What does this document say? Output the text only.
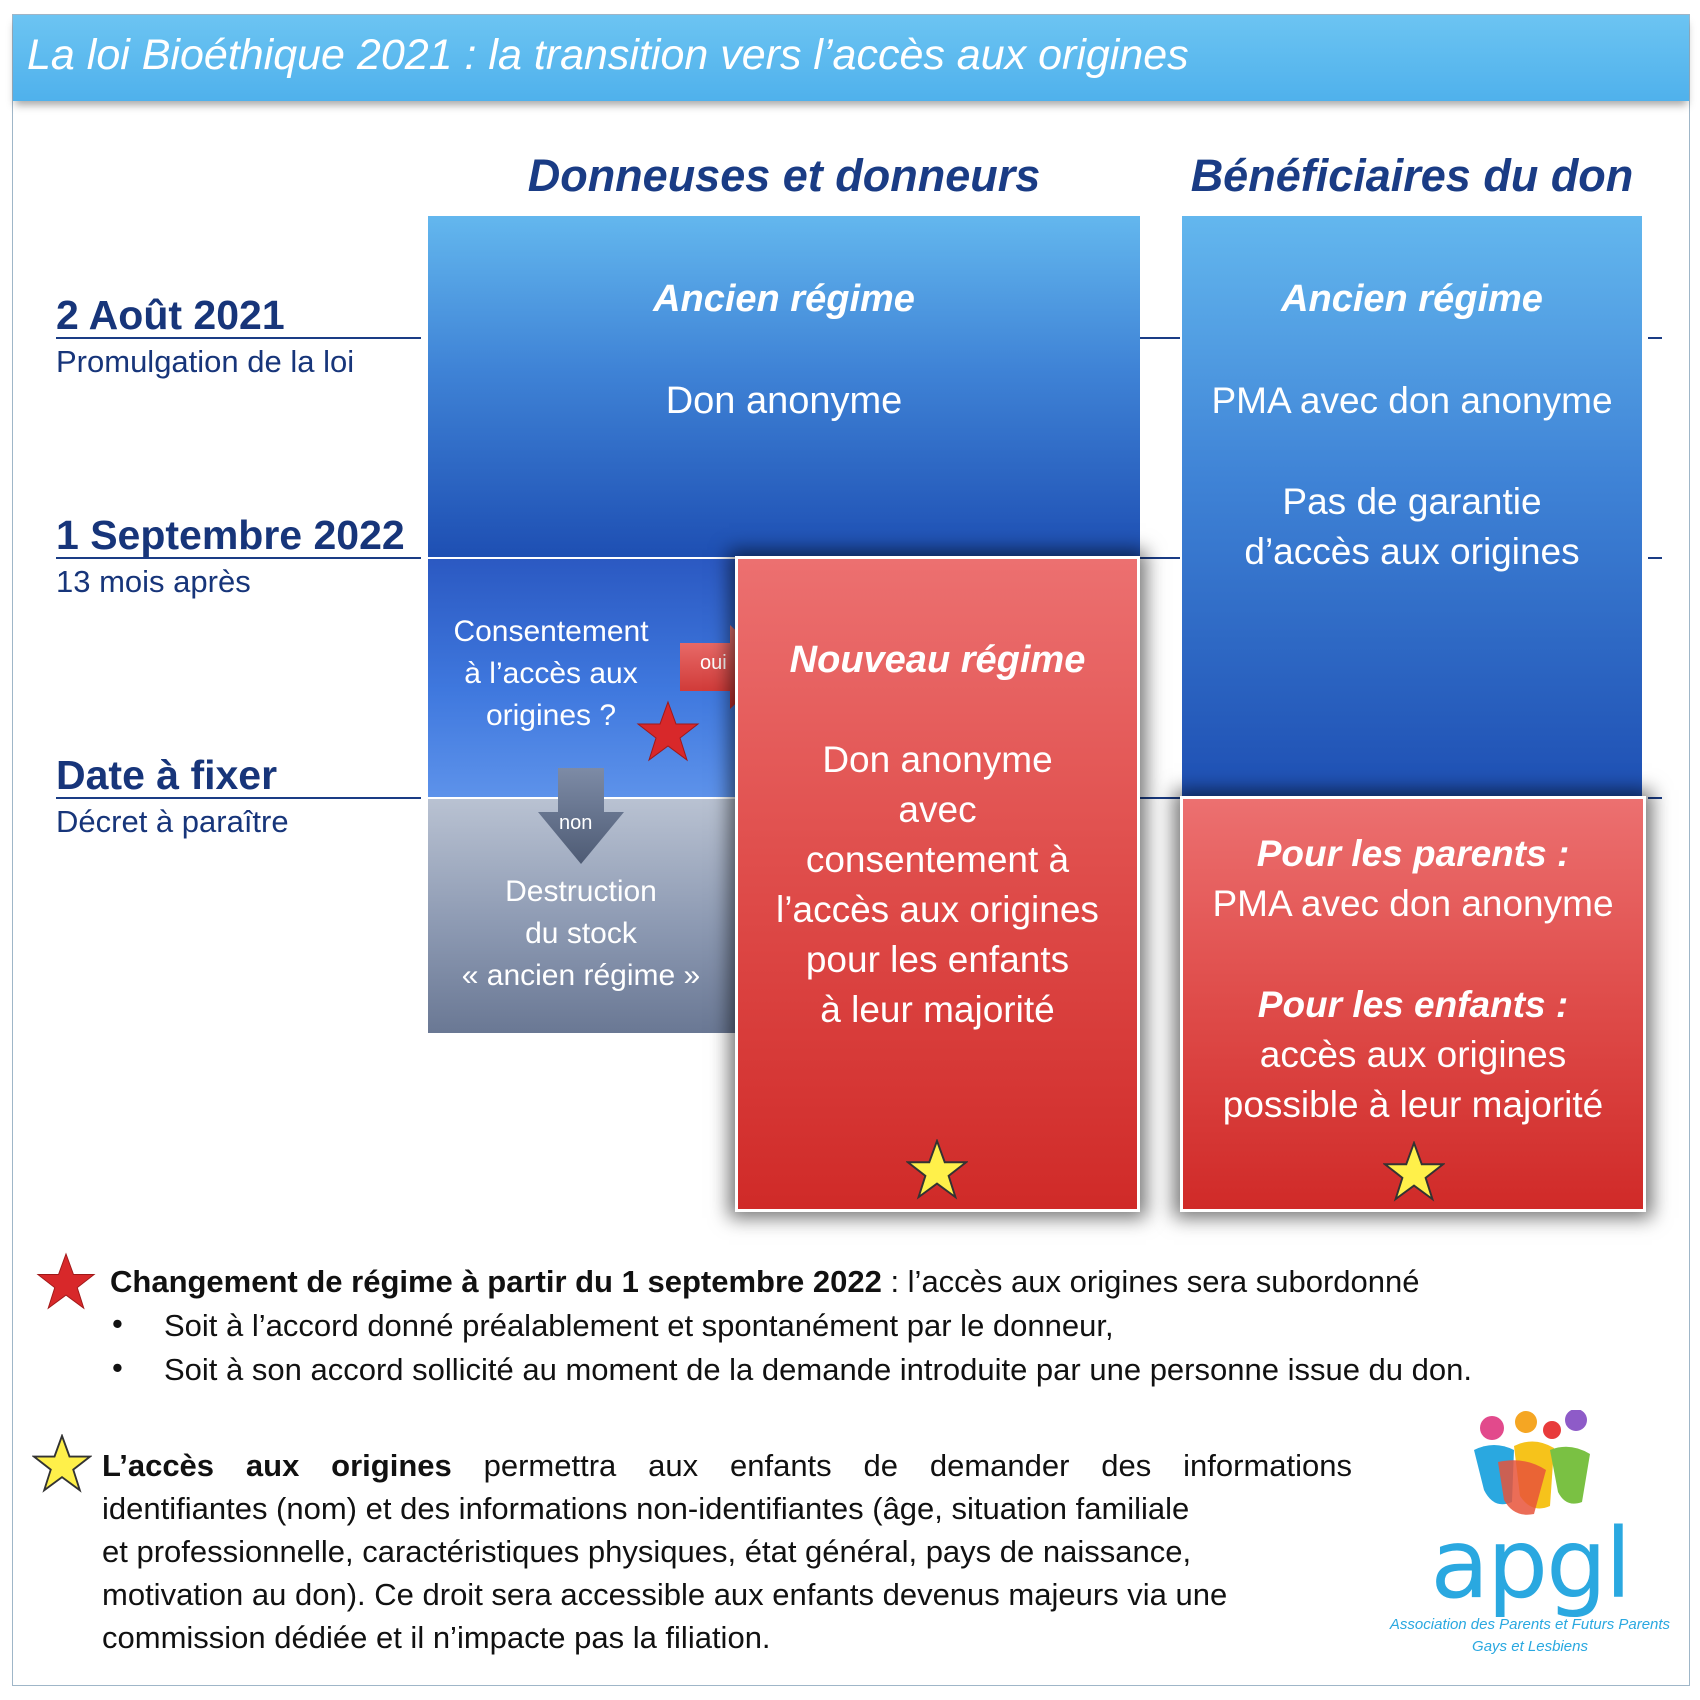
La loi Bioéthique 2021 : la transition vers l’accès aux origines
Donneuses et donneurs	Bénéficiaires du don
2 Août 2021
Promulgation de la loi
1 Septembre 2022
13 mois après
Date à fixer
Décret à paraître
Ancien régime
Don anonyme
Consentement
à l’accès aux
origines ?
Destruction
du stock
« ancien régime »
oui
non
Nouveau régime
Don anonyme
avec
consentement à
l’accès aux origines
pour les enfants
à leur majorité
Ancien régime
PMA avec don anonyme
Pas de garantie
d’accès aux origines
Pour les parents :
PMA avec don anonyme
Pour les enfants :
accès aux origines
possible à leur majorité
Changement de régime à partir du 1 septembre 2022 : l’accès aux origines sera subordonné
• Soit à l’accord donné préalablement et spontanément par le donneur,
• Soit à son accord sollicité au moment de la demande introduite par une personne issue du don.
L’accès aux origines permettra aux enfants de demander des informations
identifiantes (nom) et des informations non-identifiantes (âge, situation familiale
et professionnelle, caractéristiques physiques, état général, pays de naissance,
motivation au don). Ce droit sera accessible aux enfants devenus majeurs via une
commission dédiée et il n’impacte pas la filiation.
apgl
Association des Parents et Futurs Parents
Gays et Lesbiens
